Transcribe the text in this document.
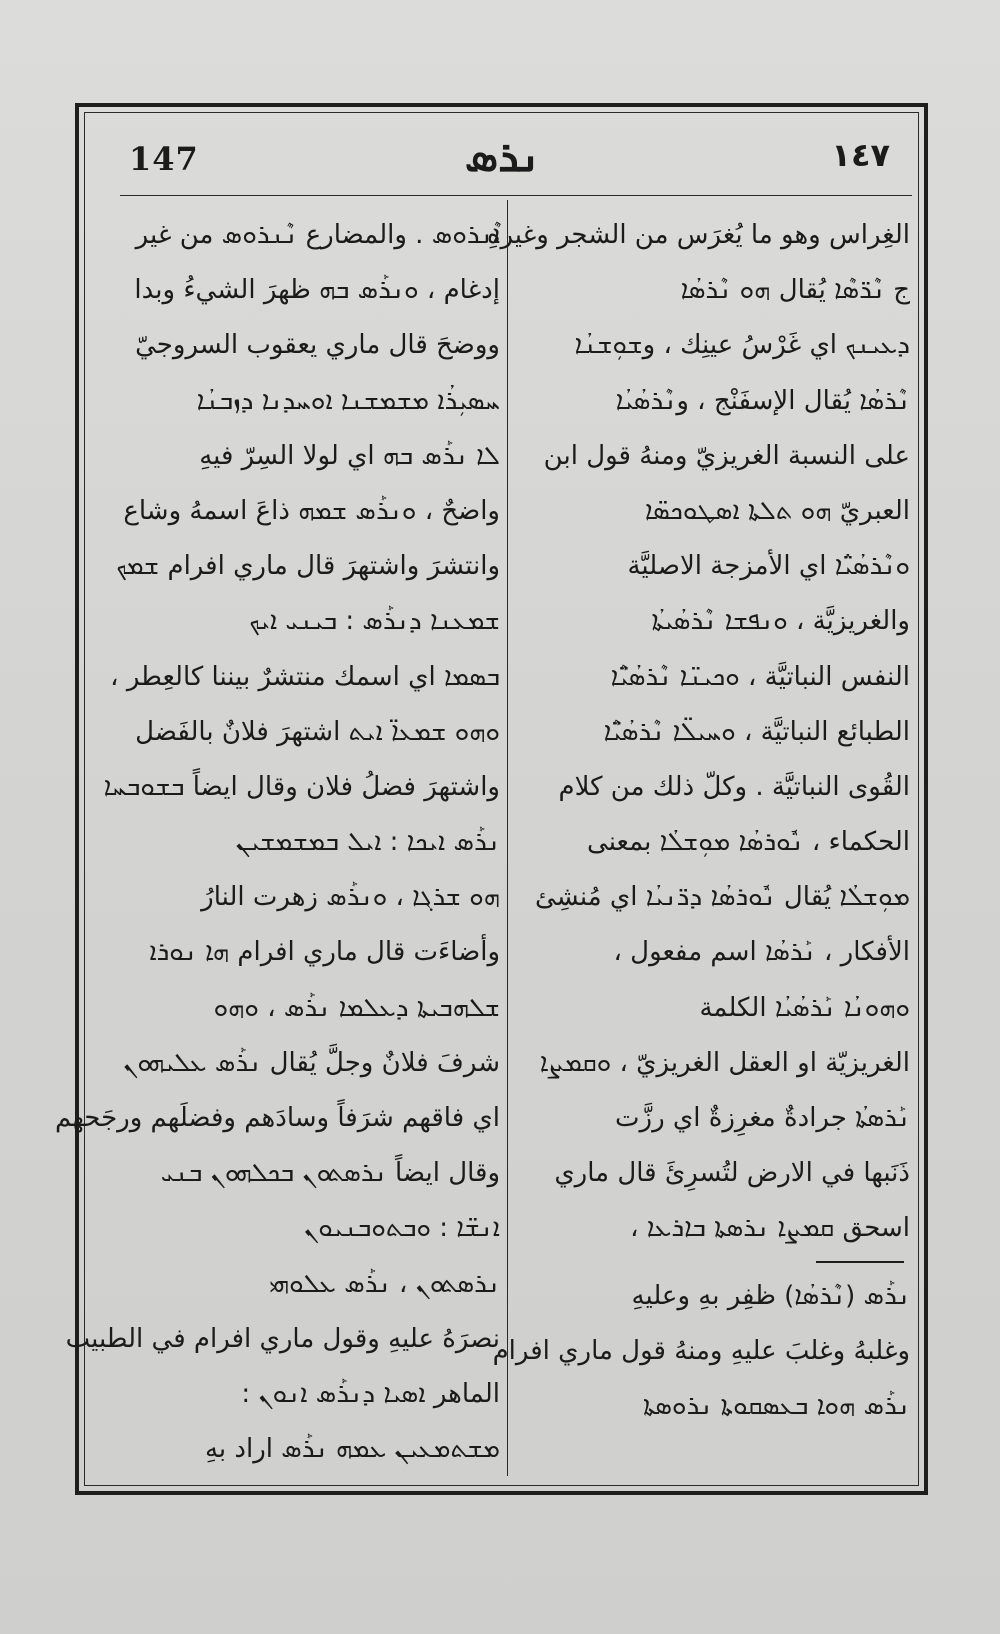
147	ܢܪܣ	١٤٧
الغِراس وهو ما يُغرَس من الشجر وغيرهِ
ج ܢܶܪ̈ܣܶܐ يُقال ܗܘ ܢܶܪܣܳܐ
ܕܥܝܢܟ اي غَرْسُ عينِك ، وܫܘܼܫܢܳܐ
ܢܶܪܣܳܐ يُقال الإسفَنْج ، وܢܶܪܣܳܝܳܐ
على النسبة الغريزيّ ومنهُ قول ابن
العبريّ ܗܘ ܬܠܬܐ ܐܣܛܘܟܣ̈ܐ
ܘܢܶܪܣܳܝܳ̈ܐ اي الأمزجة الاصليَّة
والغريزيَّة ، ܘܢܦܫܐ ܢܶܪܣܳܝܬܳܐ
النفس النباتيَّة ، ܘܟܝܢ̈ܐ ܢܶܪܣܳܝܶ̈ܐ
الطبائع النباتيَّة ، ܘܚܝܠ̈ܐ ܢܶܪܣܳܝܶ̈ܐ
القُوى النباتيَّة . وكلّ ذلك من كلام
الحكماء ، ܢܽܘܪܣܳܐ ܡܘܼܫܠܳܐ بمعنى
ܡܘܼܫܠܳܐ يُقال ܢܽܘܪܣܳܐ ܕܪ̈ܢܝܳܐ اي مُنشِئ
الأفكار ، ܢܰܪܣܳܐ اسم مفعول ،
ܘܗܘܢܳܐ ܢܰܪܣܳܝܳܐ الكلمة
الغريزيّة او العقل الغريزيّ ، ܘܩܡܨܐ
ܢܰܪܣܬܳܐ جرادةٌ مغرِزةٌ اي رزَّت
ذَنَبها في الارض لتُسرِئَ قال ماري
اسحق ܩܡܨܐ ܢܪܣܬܐ ܒܐܪܥܐ ،
ܢܪܰܣ (ܢܶܪܣܳܐ) ظفِر بهِ وعليهِ
وغلبهُ وغلبَ عليهِ ومنهُ قول ماري افرام
ܢܪܰܣ ܗܘܐ ܒܥܣܩܘܬܐ ܢܪܘܣܬܐ
ܐܶܢܪܘܣ . والمضارع ܢܶܢܪܘܣ من غير
إدغام ، ܘܢܪܰܣ ܒܗ ظهرَ الشيءُ وبدا
ووضحَ قال ماري يعقوب السروجيّ
ܚܣܝܼܪܳܐ ܡܫܡܫܢܐ ܐܘܚܕܢܐ ܕܙܒܢܳܐ
ܠܐ ܢܪܰܣ ܒܗ اي لولا السِرّ فيهِ
واضحٌ ، ܘܢܪܰܣ ܫܡܗ ذاعَ اسمهُ وشاع
وانتشرَ واشتهرَ قال ماري افرام ܫܡܟ
ܫܡܥܢܐ ܕܢܪܰܣ : ܒܝܢܝ ܐܝܟ
ܒܣܡܐ اي اسمك منتشرٌ بيننا كالعِطر ،
ܘܗܘ ܫܡܥܐ̈ ܐܝܬ اشتهرَ فلانٌ بالفَضل
واشتهرَ فضلُ فلان وقال ايضاً ܒܫܘܒܚܐ
ܢܪܰܣ ܐܝܟܐ : ܐܝܠ ܒܡܫܡܫܝܢ
ܗܘ ܫܪܓܐ ، ܘܢܪܰܣ زهرت النارُ
وأضاءَت قال ماري افرام ܗܐ ܢܘܪܐ
ܫܠܗܒܝܬܐ ܕܥܠܡܐ ܢܪܰܣ ، ܘܗܘ
شرفَ فلانٌ وجلَّ يُقال ܢܪܰܣ ܥܠܝܗܘܢ
اي فاقهم شرَفاً وسادَهم وفضلَهم ورجَحهم
وقال ايضاً ܢܪܣܬܘܢ ܒܟܠܗܘܢ ܒܢܝ
ܐܢܫ̈ܐ : ܘܒܬܘܒܢܝܘܢ
ܢܪܣܬܘܢ ، ܢܪܰܣ ܥܠܘܗܝ
نصرَهُ عليهِ وقول ماري افرام في الطبيب
الماهر ܐܣܝܐ ܕܢܪܰܣ ܐܢܘܢ :
ܡܫܬܡܥܝܢ ܥܡܗ ܢܪܰܣ اراد بهِ
